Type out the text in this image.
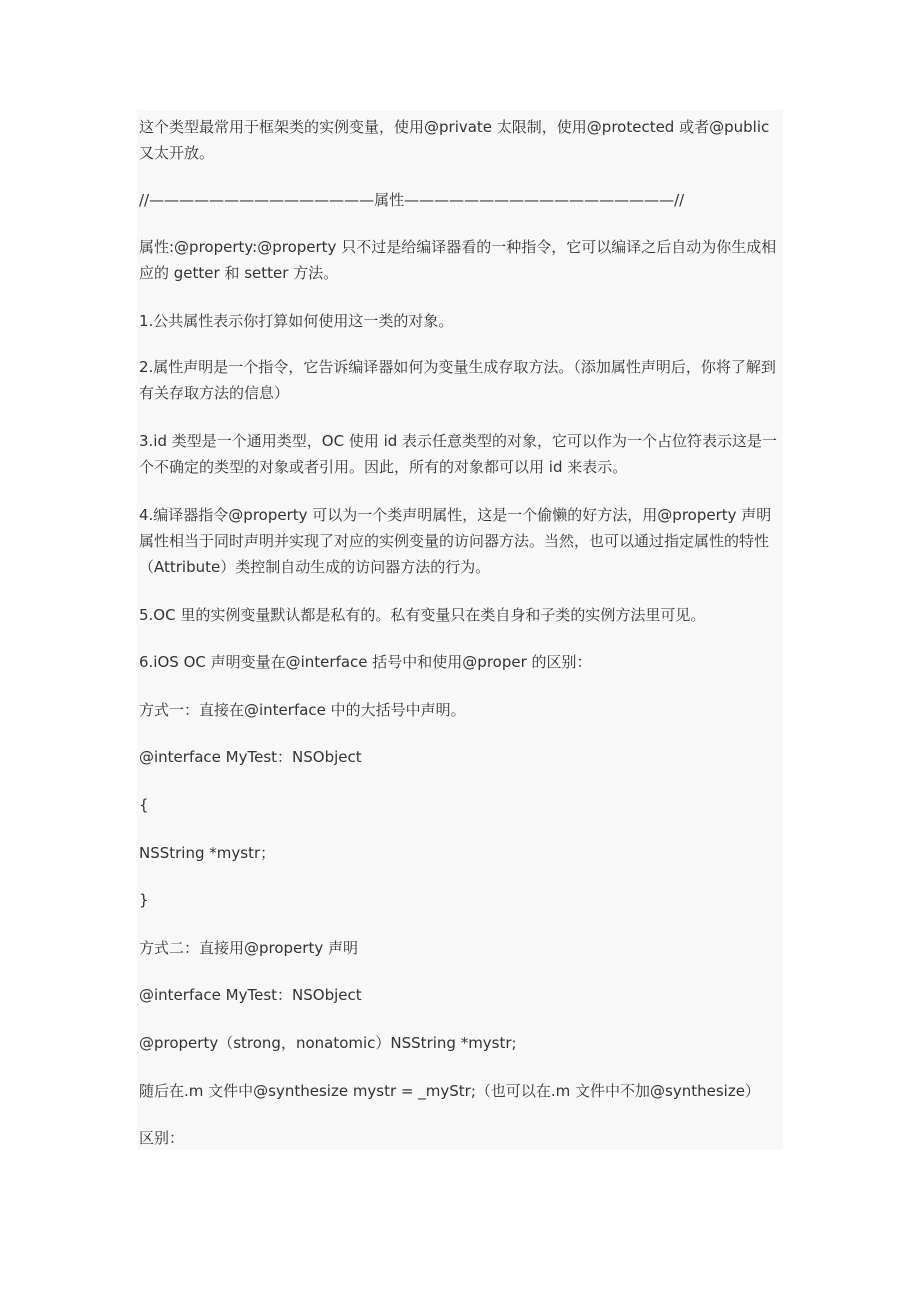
这个类型最常用于框架类的实例变量，使用@private 太限制，使用@protected 或者@public 又太开放。

//———————————————属性——————————————————//

属性:@property:@property 只不过是给编译器看的一种指令，它可以编译之后自动为你生成相应的 getter 和 setter 方法。

1.公共属性表示你打算如何使用这一类的对象。

2.属性声明是一个指令，它告诉编译器如何为变量生成存取方法。（添加属性声明后，你将了解到有关存取方法的信息）

3.id 类型是一个通用类型，OC 使用 id 表示任意类型的对象，它可以作为一个占位符表示这是一个不确定的类型的对象或者引用。因此，所有的对象都可以用 id 来表示。

4.编译器指令@property 可以为一个类声明属性，这是一个偷懒的好方法，用@property 声明属性相当于同时声明并实现了对应的实例变量的访问器方法。当然，也可以通过指定属性的特性（Attribute）类控制自动生成的访问器方法的行为。

5.OC 里的实例变量默认都是私有的。私有变量只在类自身和子类的实例方法里可见。

6.iOS OC 声明变量在@interface 括号中和使用@proper 的区别：

方式一：直接在@interface 中的大括号中声明。

@interface MyTest：NSObject

{

NSString *mystr；

}

方式二：直接用@property 声明

@interface MyTest：NSObject

@property（strong，nonatomic）NSString *mystr;

随后在.m 文件中@synthesize mystr = _myStr;（也可以在.m 文件中不加@synthesize）

区别：
